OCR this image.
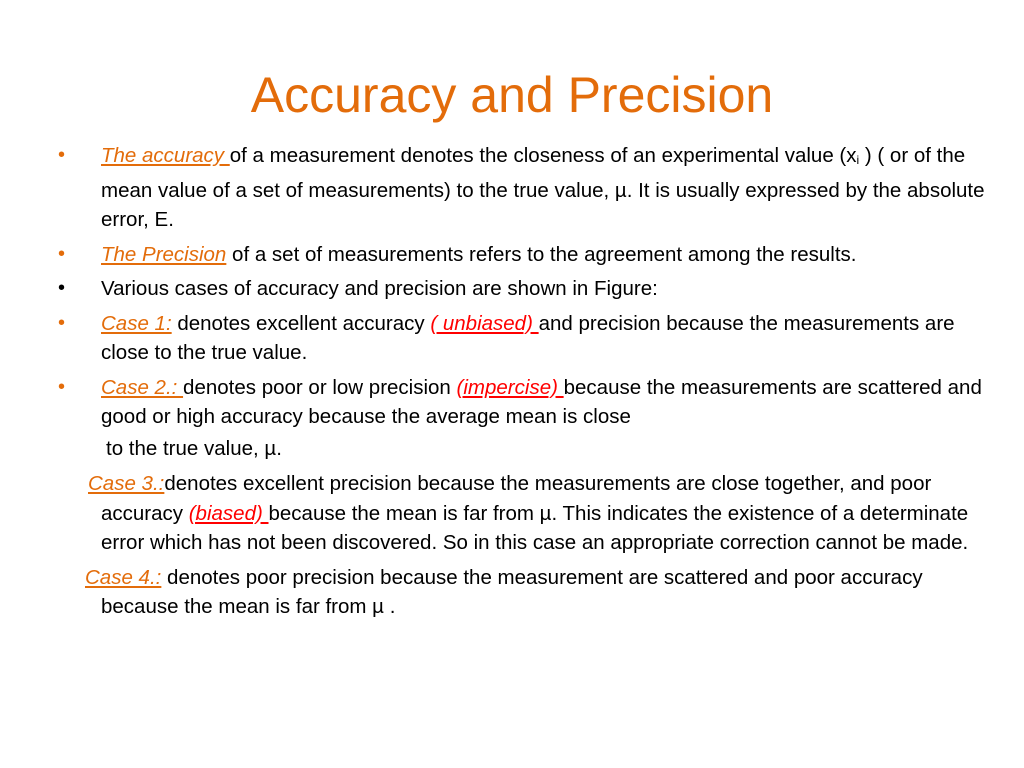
Accuracy and Precision
•	The accuracy of a measurement denotes the closeness of an experimental value (xi ) ( or of the mean value of a set of measurements) to the true value, µ. It is usually expressed by the absolute error, E.
•	The Precision of a set of measurements refers to the agreement among the results.
•	Various cases of accuracy and precision are shown in Figure:
•	Case 1: denotes excellent accuracy ( unbiased) and precision because the measurements are close to the true value.
•	Case 2.: denotes poor or low precision (impercise) because the measurements are scattered and good or high accuracy because the average mean is close
to the true value, µ.
Case 3.:denotes excellent precision because the measurements are close together, and poor accuracy (biased) because the mean is far from µ. This indicates the existence of a determinate error which has not been discovered. So in this case an appropriate correction cannot be made.
Case 4.: denotes poor precision because the measurement are scattered and poor accuracy because the mean is far from µ .
